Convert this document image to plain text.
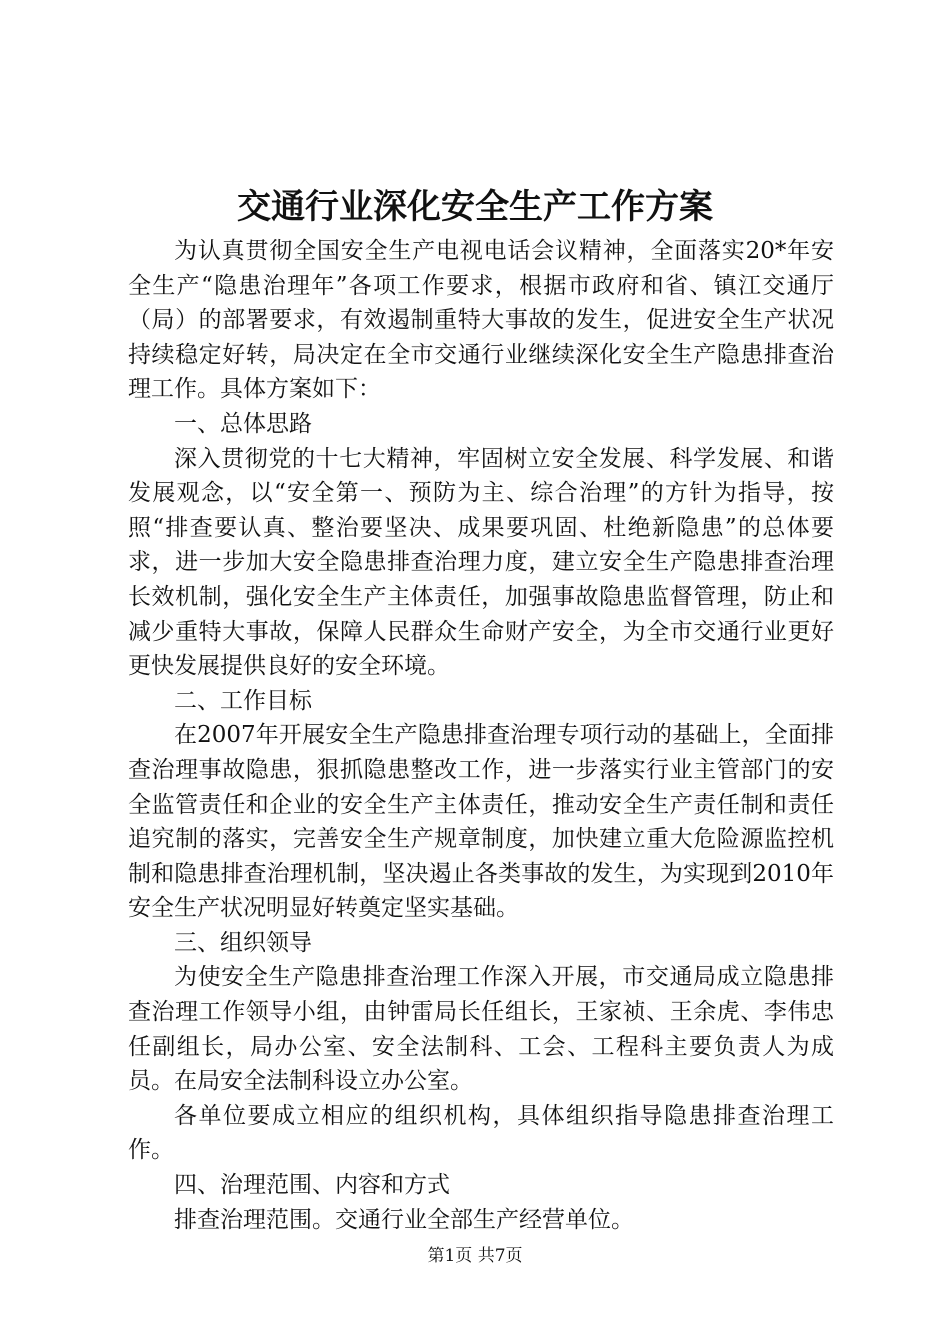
交通行业深化安全生产工作方案

为认真贯彻全国安全生产电视电话会议精神，全面落实20*年安全生产“隐患治理年”各项工作要求，根据市政府和省、镇江交通厅（局）的部署要求，有效遏制重特大事故的发生，促进安全生产状况持续稳定好转，局决定在全市交通行业继续深化安全生产隐患排查治理工作。具体方案如下：

一、总体思路

深入贯彻党的十七大精神，牢固树立安全发展、科学发展、和谐发展观念，以“安全第一、预防为主、综合治理”的方针为指导，按照“排查要认真、整治要坚决、成果要巩固、杜绝新隐患”的总体要求，进一步加大安全隐患排查治理力度，建立安全生产隐患排查治理长效机制，强化安全生产主体责任，加强事故隐患监督管理，防止和减少重特大事故，保障人民群众生命财产安全，为全市交通行业更好更快发展提供良好的安全环境。

二、工作目标

在2007年开展安全生产隐患排查治理专项行动的基础上，全面排查治理事故隐患，狠抓隐患整改工作，进一步落实行业主管部门的安全监管责任和企业的安全生产主体责任，推动安全生产责任制和责任追究制的落实，完善安全生产规章制度，加快建立重大危险源监控机制和隐患排查治理机制，坚决遏止各类事故的发生，为实现到2010年安全生产状况明显好转奠定坚实基础。

三、组织领导

为使安全生产隐患排查治理工作深入开展，市交通局成立隐患排查治理工作领导小组，由钟雷局长任组长，王家祯、王余虎、李伟忠任副组长，局办公室、安全法制科、工会、工程科主要负责人为成员。在局安全法制科设立办公室。

各单位要成立相应的组织机构，具体组织指导隐患排查治理工作。

四、治理范围、内容和方式

排查治理范围。交通行业全部生产经营单位。

第1页 共7页
